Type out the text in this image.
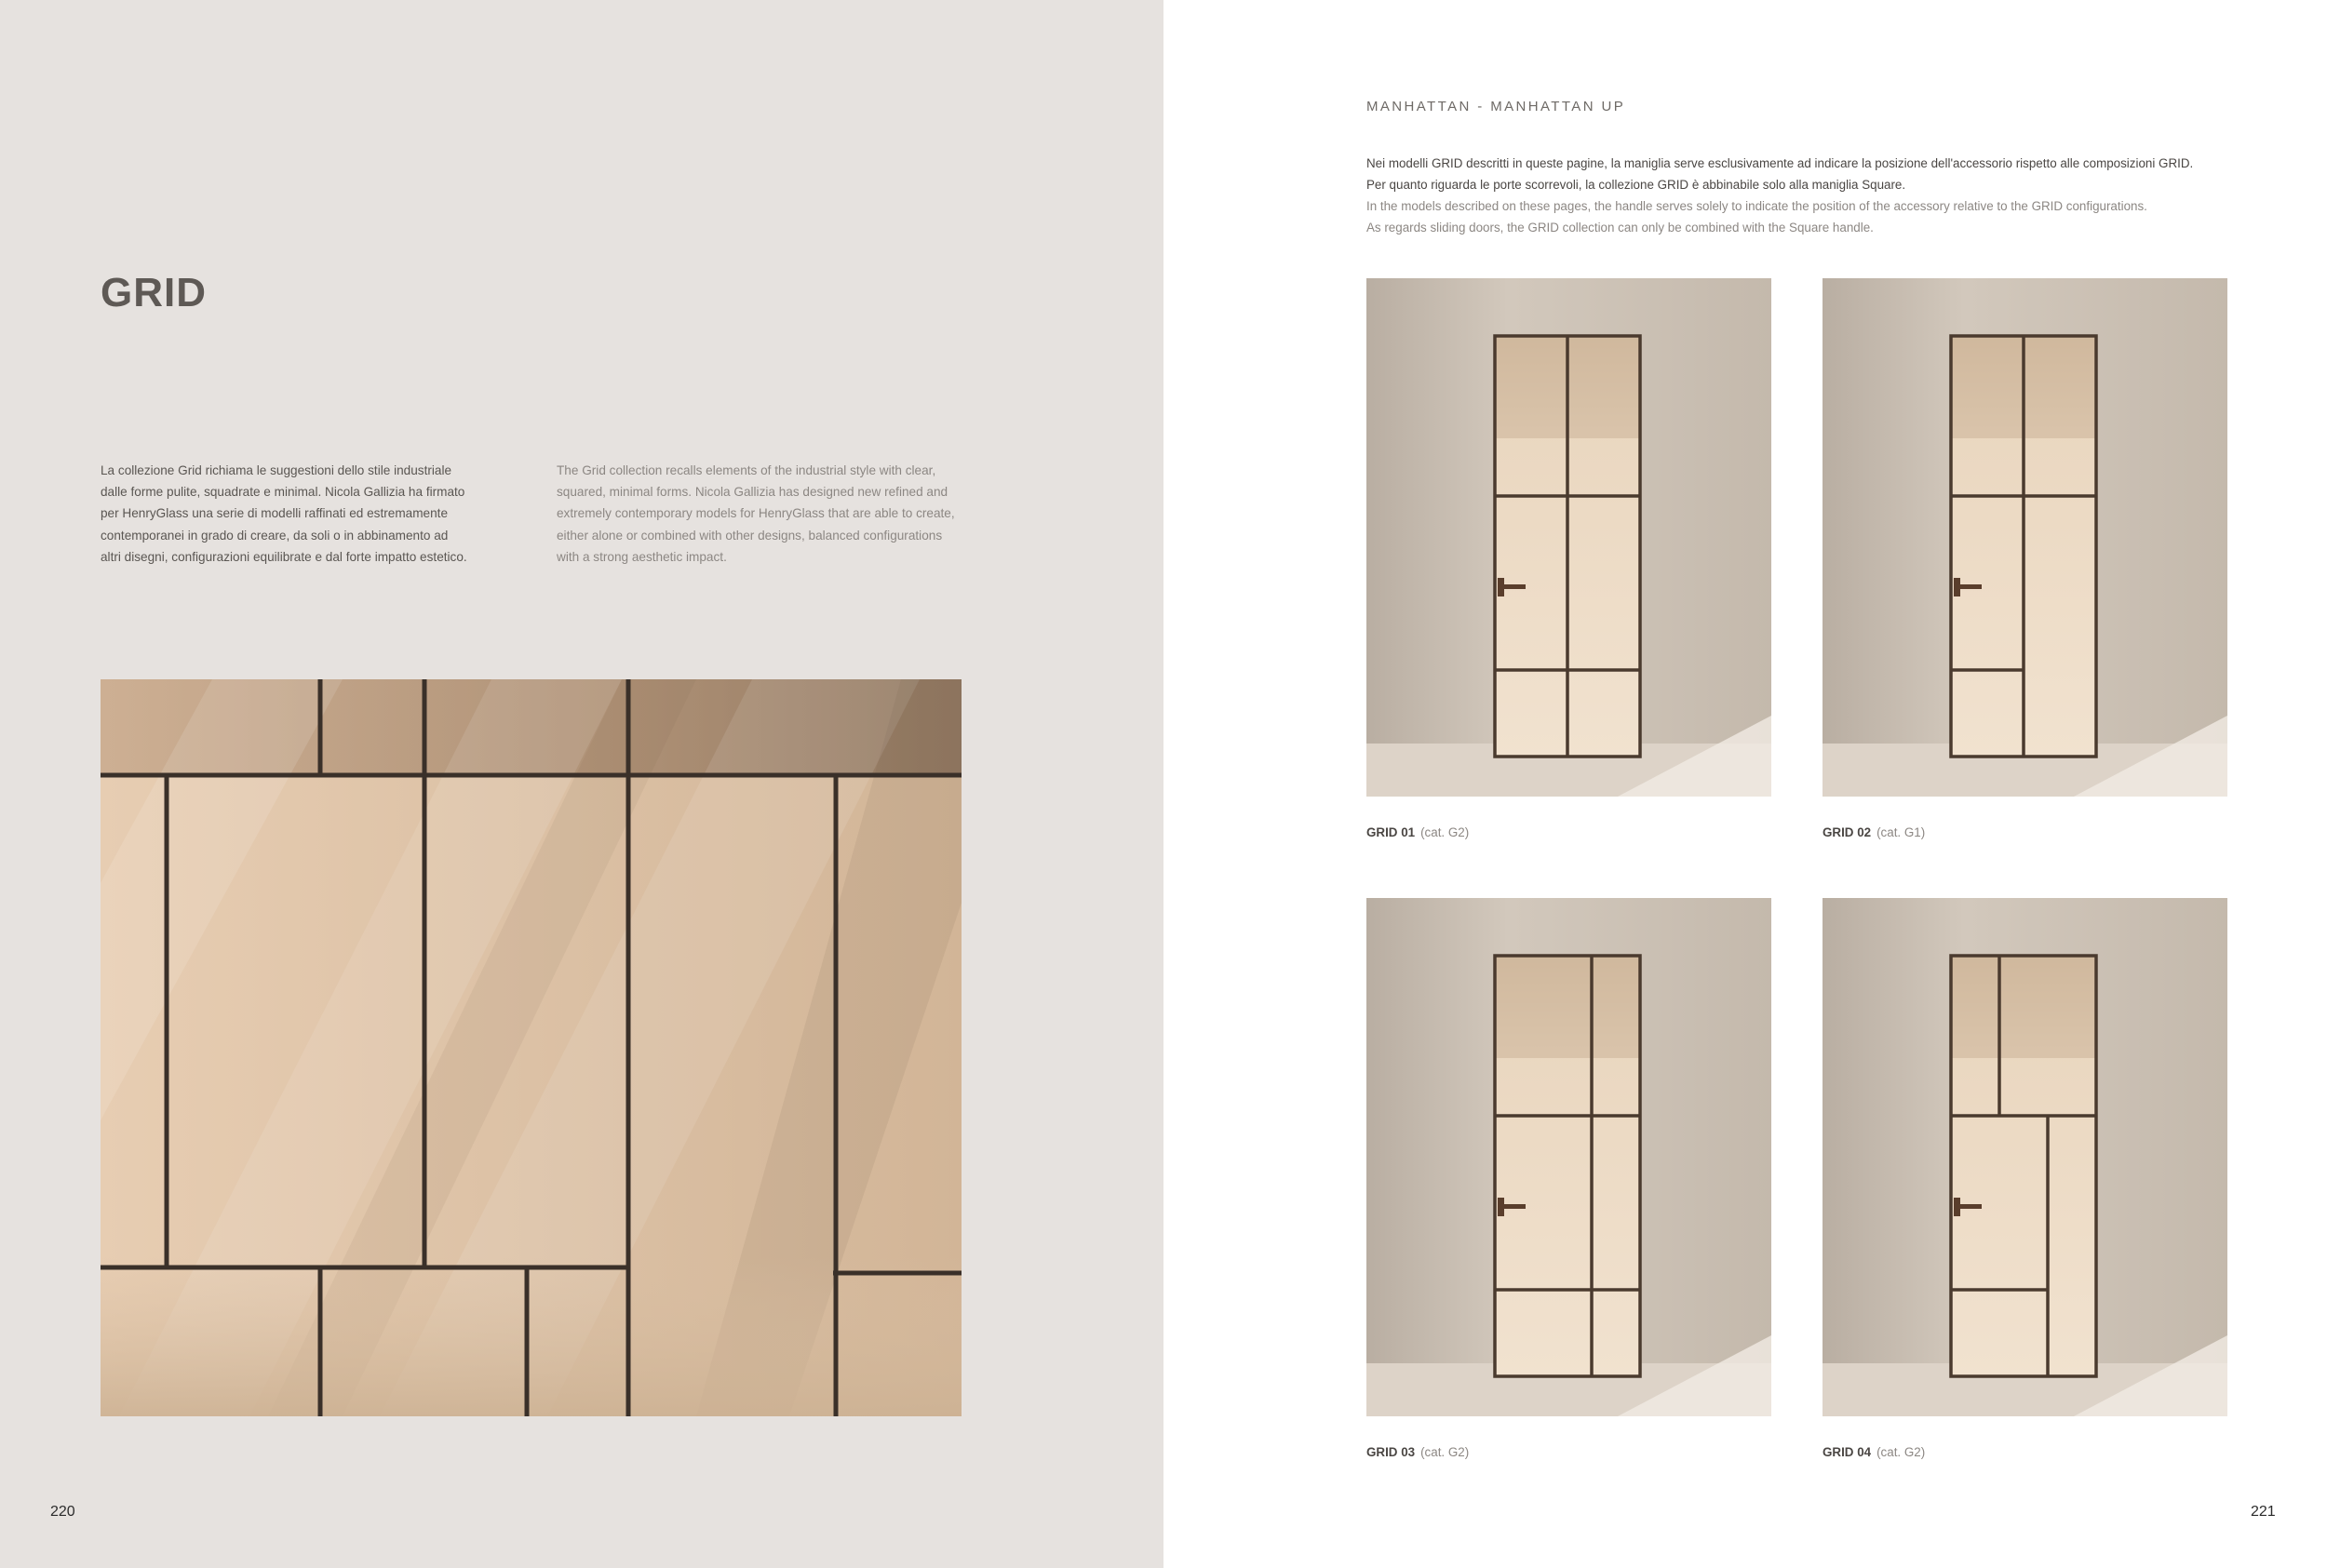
GRID

La collezione Grid richiama le suggestioni dello stile industriale
dalle forme pulite, squadrate e minimal. Nicola Gallizia ha firmato
per HenryGlass una serie di modelli raffinati ed estremamente
contemporanei in grado di creare, da soli o in abbinamento ad
altri disegni, configurazioni equilibrate e dal forte impatto estetico.

The Grid collection recalls elements of the industrial style with clear,
squared, minimal forms. Nicola Gallizia has designed new refined and
extremely contemporary models for HenryGlass that are able to create,
either alone or combined with other designs, balanced configurations
with a strong aesthetic impact.

220
MANHATTAN - MANHATTAN UP

Nei modelli GRID descritti in queste pagine, la maniglia serve esclusivamente ad indicare la posizione dell'accessorio rispetto alle composizioni GRID.

Per quanto riguarda le porte scorrevoli, la collezione GRID è abbinabile solo alla maniglia Square.

In the models described on these pages, the handle serves solely to indicate the position of the accessory relative to the GRID configurations.

As regards sliding doors, the GRID collection can only be combined with the Square handle.

GRID 01 (cat. G2)	GRID 02 (cat. G1)
GRID 03 (cat. G2)	GRID 04 (cat. G2)
221
